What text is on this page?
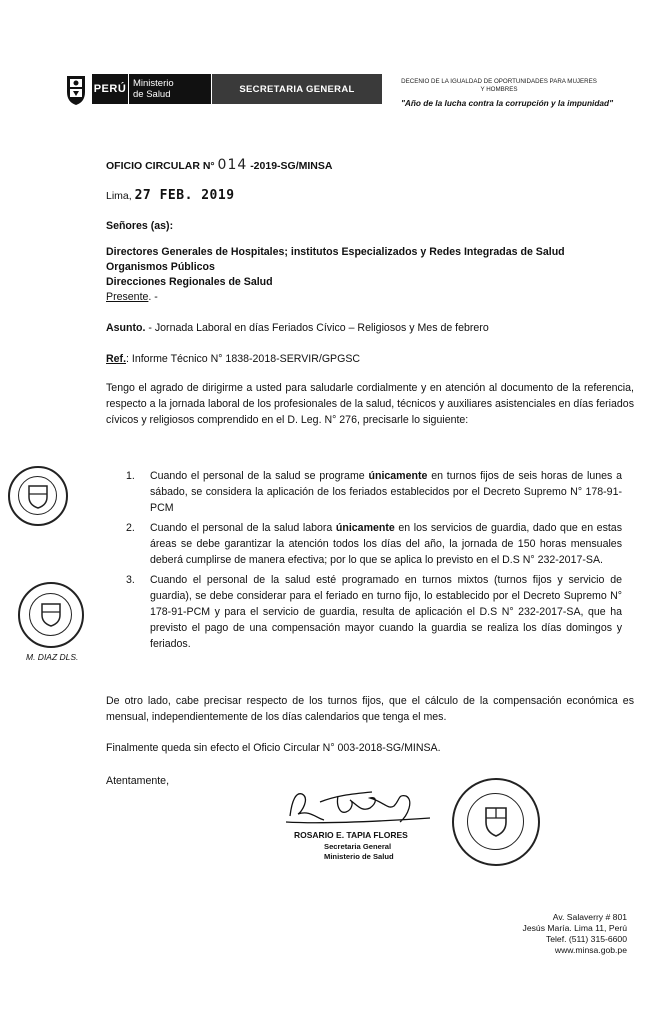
PERÚ Ministerio
de Salud	SECRETARIA GENERAL
DECENIO DE LA IGUALDAD DE OPORTUNIDADES PARA MUJERES
Y HOMBRES
"Año de la lucha contra la corrupción y la impunidad"
OFICIO CIRCULAR N° 014 -2019-SG/MINSA
Lima, 27 FEB. 2019
Señores (as):
Directores Generales de Hospitales; institutos Especializados y Redes Integradas de Salud
Organismos Públicos
Direcciones Regionales de Salud
Presente. -
Asunto. - Jornada Laboral en días Feriados Cívico – Religiosos y Mes de febrero
Ref.: Informe Técnico N° 1838-2018-SERVIR/GPGSC
Tengo el agrado de dirigirme a usted para saludarle cordialmente y en atención al documento de la referencia, respecto a la jornada laboral de los profesionales de la salud, técnicos y auxiliares asistenciales en días feriados cívicos y religiosos comprendido en el D. Leg. N° 276, precisarle lo siguiente:
1. Cuando el personal de la salud se programe únicamente en turnos fijos de seis horas de lunes a sábado, se considera la aplicación de los feriados establecidos por el Decreto Supremo N° 178-91-PCM
2. Cuando el personal de la salud labora únicamente en los servicios de guardia, dado que en estas áreas se debe garantizar la atención todos los días del año, la jornada de 150 horas mensuales deberá cumplirse de manera efectiva; por lo que se aplica lo previsto en el D.S N° 232-2017-SA.
3. Cuando el personal de la salud esté programado en turnos mixtos (turnos fijos y servicio de guardia), se debe considerar para el feriado en turno fijo, lo establecido por el Decreto Supremo N° 178-91-PCM y para el servicio de guardia, resulta de aplicación el D.S N° 232-2017-SA, que ha previsto el pago de una compensación mayor cuando la guardia se realiza los días domingos y feriados.
De otro lado, cabe precisar respecto de los turnos fijos, que el cálculo de la compensación económica es mensual, independientemente de los días calendarios que tenga el mes.
Finalmente queda sin efecto el Oficio Circular N° 003-2018-SG/MINSA.
Atentamente,
M. DIAZ DLS.
ROSARIO E. TAPIA FLORES
Secretaria General
Ministerio de Salud
Av. Salaverry # 801
Jesús María. Lima 11, Perú
Telef. (511) 315-6600
www.minsa.gob.pe
